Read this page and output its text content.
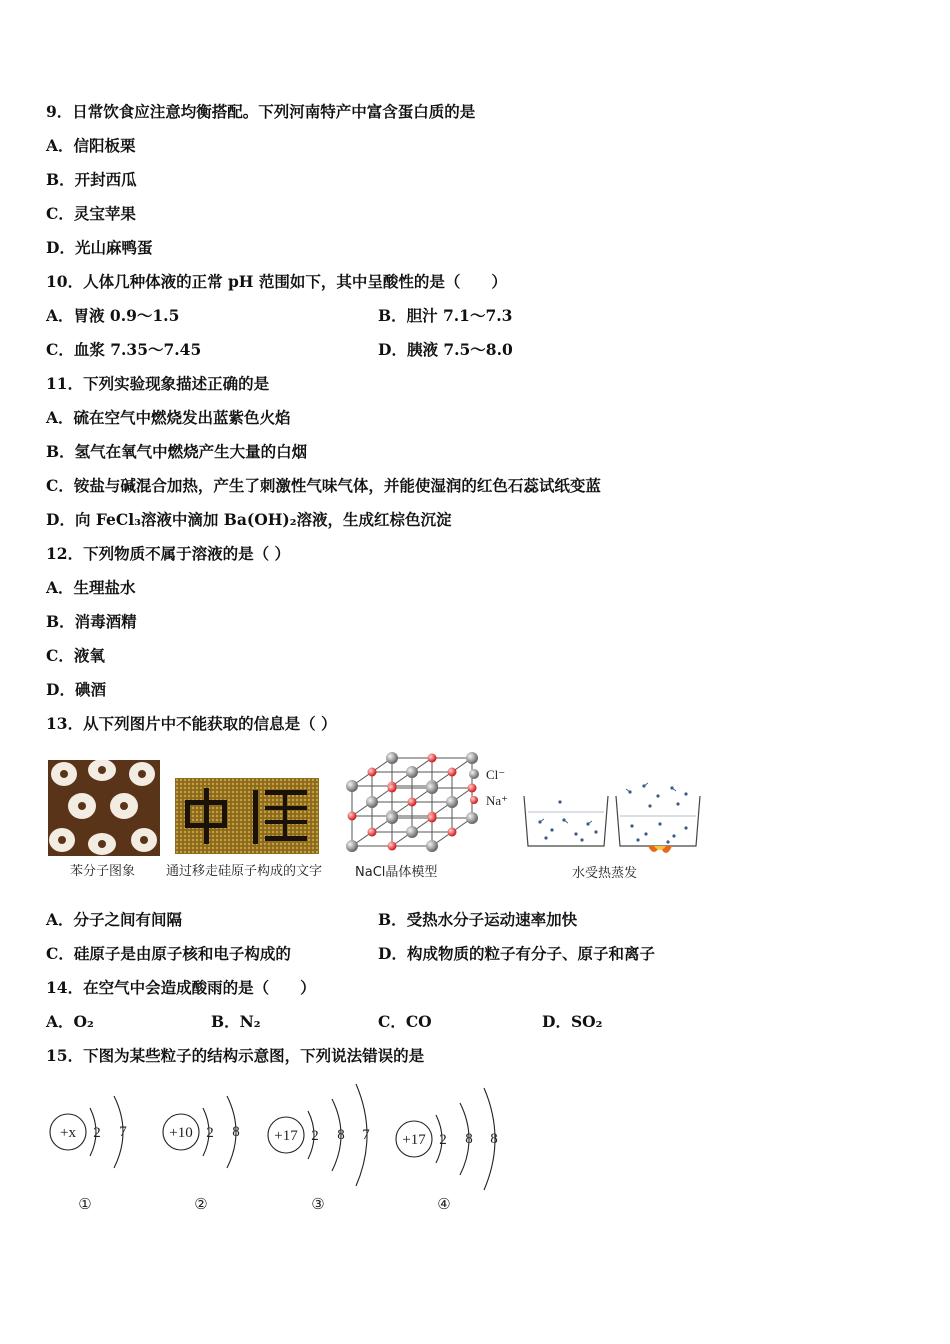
9．日常饮食应注意均衡搭配。下列河南特产中富含蛋白质的是
A．信阳板栗
B．开封西瓜
C．灵宝苹果
D．光山麻鸭蛋
10．人体几种体液的正常 pH 范围如下，其中呈酸性的是（　　）
A．胃液 0.9～1.5	B．胆汁 7.1～7.3
C．血浆 7.35～7.45	D．胰液 7.5～8.0
11．下列实验现象描述正确的是
A．硫在空气中燃烧发出蓝紫色火焰
B．氢气在氧气中燃烧产生大量的白烟
C．铵盐与碱混合加热，产生了刺激性气味气体，并能使湿润的红色石蕊试纸变蓝
D．向 FeCl₃溶液中滴加 Ba(OH)₂溶液，生成红棕色沉淀
12．下列物质不属于溶液的是（ ）
A．生理盐水
B．消毒酒精
C．液氧
D．碘酒
13．从下列图片中不能获取的信息是（ ）
苯分子图象 通过移走硅原子构成的文字
Cl⁻
Na⁺
NaCl晶体模型	水受热蒸发
A．分子之间有间隔	B．受热水分子运动速率加快
C．硅原子是由原子核和电子构成的	D．构成物质的粒子有分子、原子和离子
14．在空气中会造成酸雨的是（　　）
A．O₂	B．N₂	C．CO	D．SO₂
15．下图为某些粒子的结构示意图，下列说法错误的是
+x 2 7	+10 2 8 +17 2 8 7 +17 2 8 8
①	②	③	④
